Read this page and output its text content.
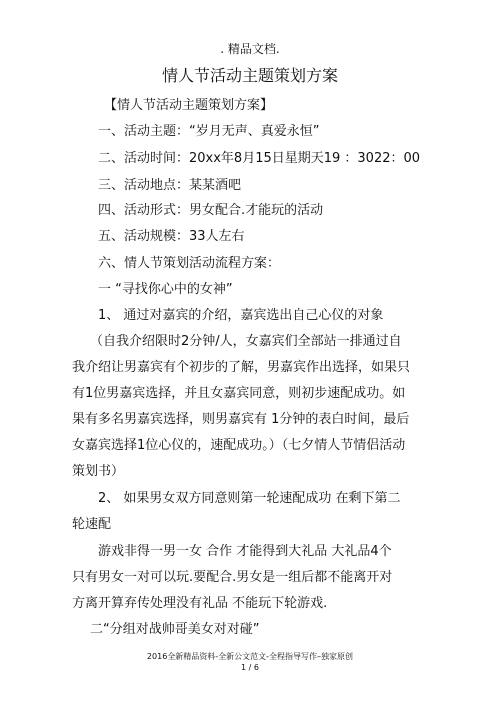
. 精品文档.
情人节活动主题策划方案
【情人节活动主题策划方案】
一、活动主题：“岁月无声、真爱永恒”
二、活动时间：20xx年8月15日星期天19 ：3022：00
三、活动地点：某某酒吧
四、活动形式：男女配合.才能玩的活动
五、活动规模：33人左右
六、情人节策划活动流程方案：
一 “寻找你心中的女神”
1、 通过对嘉宾的介绍，嘉宾选出自己心仪的对象
（自我介绍限时2分钟/人，女嘉宾们全部站一排通过自
我介绍让男嘉宾有个初步的了解，男嘉宾作出选择，如果只
有1位男嘉宾选择，并且女嘉宾同意，则初步速配成功。如
果有多名男嘉宾选择，则男嘉宾有 1分钟的表白时间，最后
女嘉宾选择1位心仪的，速配成功。）（七夕情人节情侣活动
策划书）
2、 如果男女双方同意则第一轮速配成功 在剩下第二
轮速配
游戏非得一男一女 合作 才能得到大礼品 大礼品4个
只有男女一对可以玩.要配合.男女是一组后都不能离开对
方离开算弃传处理没有礼品 不能玩下轮游戏.
二“分组对战帅哥美女对对碰”
2016全新精品资料-全新公文范文-全程指导写作–独家原创
1 / 6
